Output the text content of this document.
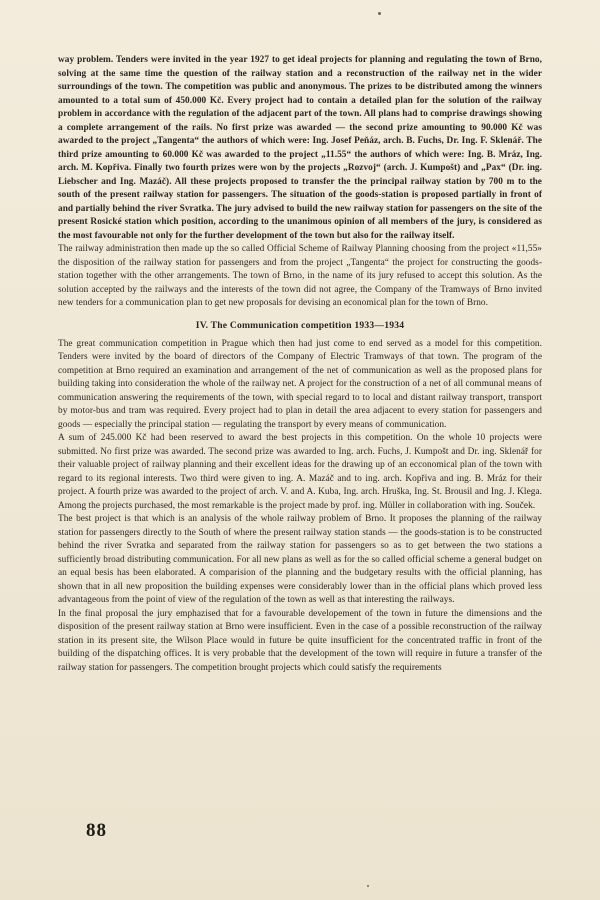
way problem. Tenders were invited in the year 1927 to get ideal projects for planning and regulating the town of Brno, solving at the same time the question of the railway station and a reconstruction of the railway net in the wider surroundings of the town. The competition was public and anonymous. The prizes to be distributed among the winners amounted to a total sum of 450.000 Kč. Every project had to contain a detailed plan for the solution of the railway problem in accordance with the regulation of the adjacent part of the town. All plans had to comprise drawings showing a complete arrangement of the rails. No first prize was awarded — the second prize amounting to 90.000 Kč was awarded to the project „Tangenta“ the authors of which were: Ing. Josef Peňáz, arch. B. Fuchs, Dr. Ing. F. Sklenář. The third prize amounting to 60.000 Kč was awarded to the project „11.55“ the authors of which were: Ing. B. Mráz, Ing. arch. M. Kopřiva. Finally two fourth prizes were won by the projects „Rozvoj“ (arch. J. Kumpošt) and „Pax“ (Dr. ing. Liebscher and Ing. Mazáč). All these projects proposed to transfer the the principal railway station by 700 m to the south of the present railway station for passengers. The situation of the goods-station is proposed partially in front of and partially behind the river Svratka. The jury advised to build the new railway station for passengers on the site of the present Rosické station which position, according to the unanimous opinion of all members of the jury, is considered as the most favourable not only for the further development of the town but also for the railway itself.

The railway administration then made up the so called Official Scheme of Railway Planning choosing from the project «11,55» the disposition of the railway station for passengers and from the project „Tangenta“ the project for constructing the goods-station together with the other arrangements. The town of Brno, in the name of its jury refused to accept this solution. As the solution accepted by the railways and the interests of the town did not agree, the Company of the Tramways of Brno invited new tenders for a communication plan to get new proposals for devising an economical plan for the town of Brno.

IV. The Communication competition 1933—1934

The great communication competition in Prague which then had just come to end served as a model for this competition. Tenders were invited by the board of directors of the Company of Electric Tramways of that town. The program of the competition at Brno required an examination and arrangement of the net of communication as well as the proposed plans for building taking into consideration the whole of the railway net. A project for the construction of a net of all communal means of communication answering the requirements of the town, with special regard to to local and distant railway transport, transport by motor-bus and tram was required. Every project had to plan in detail the area adjacent to every station for passengers and goods — especially the principal station — regulating the transport by every means of communication.

A sum of 245.000 Kč had been reserved to award the best projects in this competition. On the whole 10 projects were submitted. No first prize was awarded. The second prize was awarded to Ing. arch. Fuchs, J. Kumpošt and Dr. ing. Sklenář for their valuable project of railway planning and their excellent ideas for the drawing up of an ecconomical plan of the town with regard to its regional interests. Two third were given to ing. A. Mazáč and to ing. arch. Kopřiva and ing. B. Mráz for their project. A fourth prize was awarded to the project of arch. V. and A. Kuba, Ing. arch. Hruška, Ing. St. Brousil and Ing. J. Klega. Among the projects purchased, the most remarkable is the project made by prof. ing. Müller in collaboration with ing. Souček.

The best project is that which is an analysis of the whole railway problem of Brno. It proposes the planning of the railway station for passengers directly to the South of where the present railway station stands — the goods-station is to be constructed behind the river Svratka and separated from the railway station for passengers so as to get between the two stations a sufficiently broad distributing communication. For all new plans as well as for the so called official scheme a general budget on an equal besis has been elaborated. A comparision of the planning and the budgetary results with the official planning, has shown that in all new proposition the building expenses were considerably lower than in the official plans which proved less advantageous from the point of view of the regulation of the town as well as that interesting the railways.

In the final proposal the jury emphazised that for a favourable developement of the town in future the dimensions and the disposition of the present railway station at Brno were insufficient. Even in the case of a possible reconstruction of the railway station in its present site, the Wilson Place would in future be quite insufficient for the concentrated traffic in front of the building of the dispatching offices. It is very probable that the development of the town will require in future a transfer of the railway station for passengers. The competition brought projects which could satisfy the requirements

88
